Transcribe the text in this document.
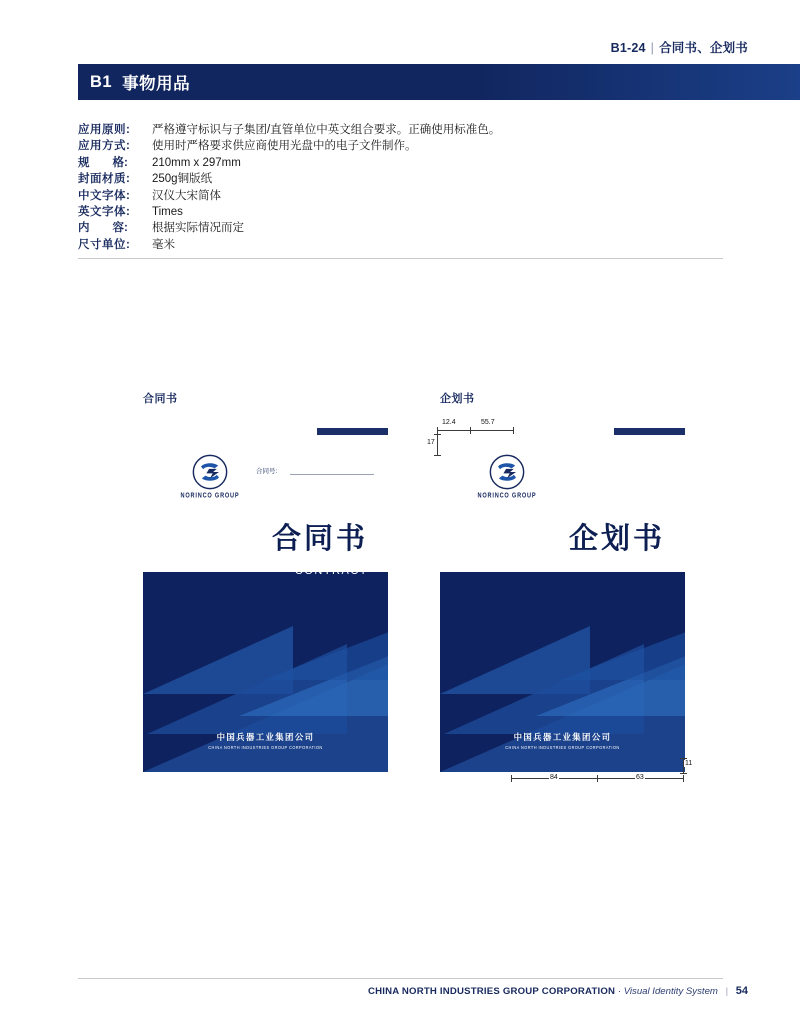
B1-24 | 合同书、企划书
B1 事物用品
应用原则:	严格遵守标识与子集团/直管单位中英文组合要求。正确使用标准色。
应用方式:	使用时严格要求供应商使用光盘中的电子文件制作。
规　　格:	210mm x 297mm
封面材质:	250g铜版纸
中文字体:	汉仪大宋简体
英文字体:	Times
内　　容:	根据实际情况而定
尺寸单位:	毫米
合同书
NORINCO GROUP
合同号:
中国兵器工业集团公司
CHINA NORTH INDUSTRIES GROUP CORPORATION
合同书
CONTRACT
企划书
NORINCO GROUP
中国兵器工业集团公司
CHINA NORTH INDUSTRIES GROUP CORPORATION
企划书
CORPORATE PLANNING
12.4	55.7
17
11
84	63
CHINA NORTH INDUSTRIES GROUP CORPORATION · Visual Identity System | 54
